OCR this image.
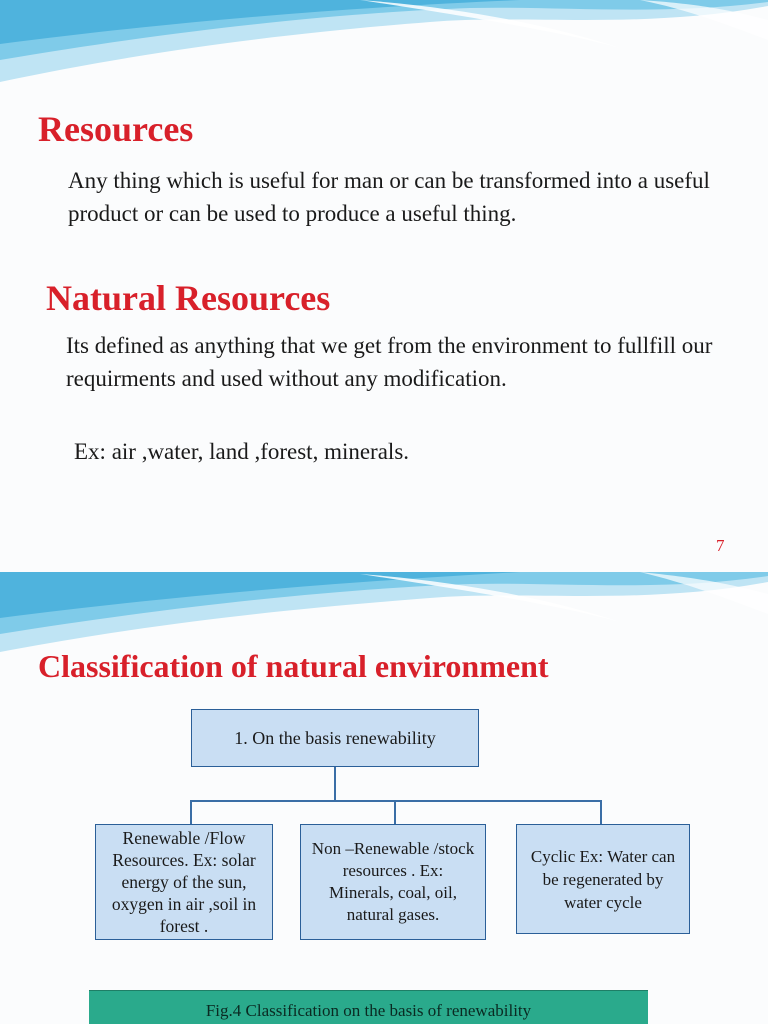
Resources

Any thing which is useful for man or can be transformed into a useful product or can be used to produce a useful thing.

Natural Resources

Its defined as anything that we get from the environment to fullfill our requirments and used without any modification.

Ex: air ,water, land ,forest, minerals.

7
Classification of natural environment
1. On the basis renewability
Renewable /Flow Resources. Ex: solar energy of the sun, oxygen in air ,soil in forest .
Non –Renewable /stock resources . Ex: Minerals, coal, oil, natural gases.
Cyclic Ex: Water can be regenerated by water cycle
Fig.4 Classification on the basis of renewability
